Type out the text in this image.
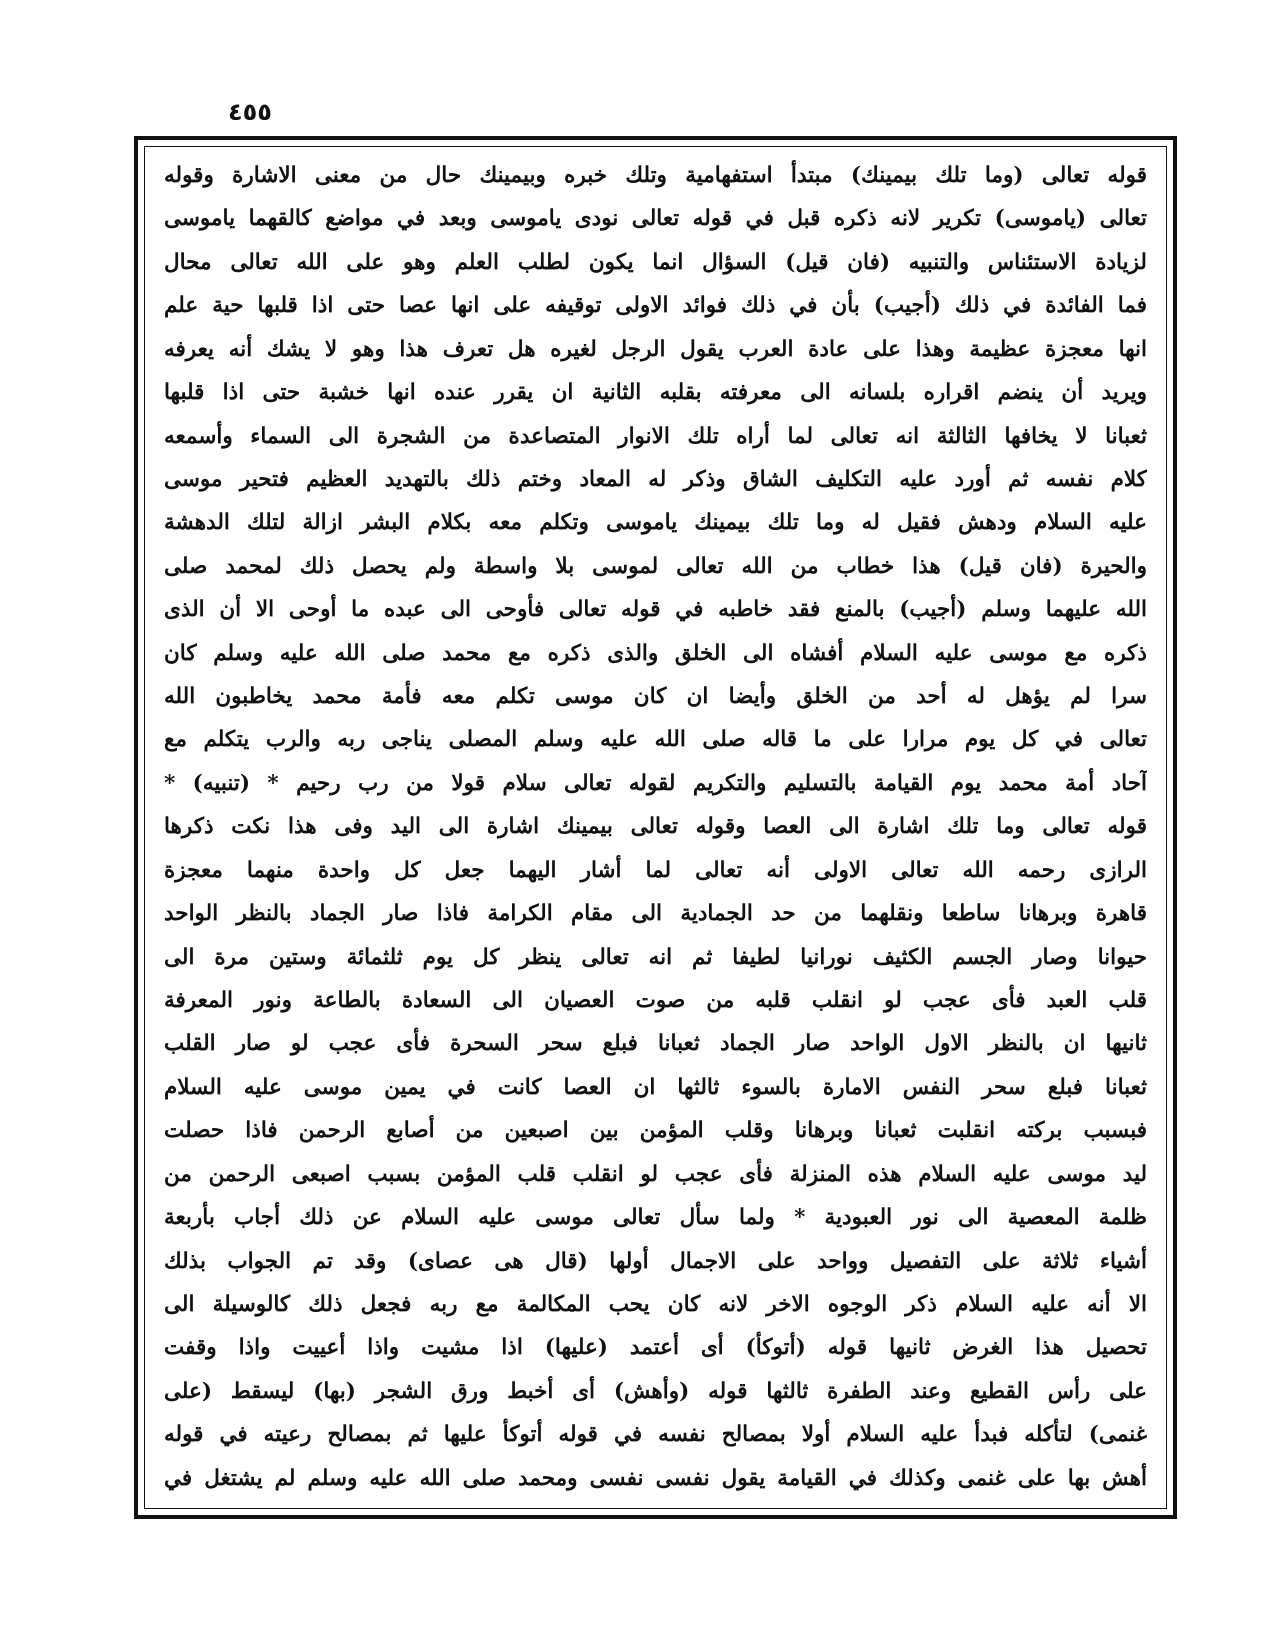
٤٥٥
قوله تعالى (وما تلك بيمينك) مبتدأ استفهامية وتلك خبره وبيمينك حال من معنى الاشارة وقوله
تعالى (ياموسى) تكرير لانه ذكره قبل في قوله تعالى نودى ياموسى وبعد في مواضع كالقهما ياموسى
لزيادة الاستئناس والتنبيه (فان قيل) السؤال انما يكون لطلب العلم وهو على الله تعالى محال
فما الفائدة في ذلك (أجيب) بأن في ذلك فوائد الاولى توقيفه على انها عصا حتى اذا قلبها حية علم
انها معجزة عظيمة وهذا على عادة العرب يقول الرجل لغيره هل تعرف هذا وهو لا يشك أنه يعرفه
ويريد أن ينضم اقراره بلسانه الى معرفته بقلبه الثانية ان يقرر عنده انها خشبة حتى اذا قلبها
ثعبانا لا يخافها الثالثة انه تعالى لما أراه تلك الانوار المتصاعدة من الشجرة الى السماء وأسمعه
كلام نفسه ثم أورد عليه التكليف الشاق وذكر له المعاد وختم ذلك بالتهديد العظيم فتحير موسى
عليه السلام ودهش فقيل له وما تلك بيمينك ياموسى وتكلم معه بكلام البشر ازالة لتلك الدهشة
والحيرة (فان قيل) هذا خطاب من الله تعالى لموسى بلا واسطة ولم يحصل ذلك لمحمد صلى
الله عليهما وسلم (أجيب) بالمنع فقد خاطبه في قوله تعالى فأوحى الى عبده ما أوحى الا أن الذى
ذكره مع موسى عليه السلام أفشاه الى الخلق والذى ذكره مع محمد صلى الله عليه وسلم كان
سرا لم يؤهل له أحد من الخلق وأيضا ان كان موسى تكلم معه فأمة محمد يخاطبون الله
تعالى في كل يوم مرارا على ما قاله صلى الله عليه وسلم المصلى يناجى ربه والرب يتكلم مع
آحاد أمة محمد يوم القيامة بالتسليم والتكريم لقوله تعالى سلام قولا من رب رحيم * (تنبيه) *
قوله تعالى وما تلك اشارة الى العصا وقوله تعالى بيمينك اشارة الى اليد وفى هذا نكت ذكرها
الرازى رحمه الله تعالى الاولى أنه تعالى لما أشار اليهما جعل كل واحدة منهما معجزة
قاهرة وبرهانا ساطعا ونقلهما من حد الجمادية الى مقام الكرامة فاذا صار الجماد بالنظر الواحد
حيوانا وصار الجسم الكثيف نورانيا لطيفا ثم انه تعالى ينظر كل يوم ثلثمائة وستين مرة الى
قلب العبد فأى عجب لو انقلب قلبه من صوت العصيان الى السعادة بالطاعة ونور المعرفة
ثانيها ان بالنظر الاول الواحد صار الجماد ثعبانا فبلع سحر السحرة فأى عجب لو صار القلب
ثعبانا فبلع سحر النفس الامارة بالسوء ثالثها ان العصا كانت في يمين موسى عليه السلام
فبسبب بركته انقلبت ثعبانا وبرهانا وقلب المؤمن بين اصبعين من أصابع الرحمن فاذا حصلت
ليد موسى عليه السلام هذه المنزلة فأى عجب لو انقلب قلب المؤمن بسبب اصبعى الرحمن من
ظلمة المعصية الى نور العبودية * ولما سأل تعالى موسى عليه السلام عن ذلك أجاب بأربعة
أشياء ثلاثة على التفصيل وواحد على الاجمال أولها (قال هى عصاى) وقد تم الجواب بذلك
الا أنه عليه السلام ذكر الوجوه الاخر لانه كان يحب المكالمة مع ربه فجعل ذلك كالوسيلة الى
تحصيل هذا الغرض ثانيها قوله (أتوكأ) أى أعتمد (عليها) اذا مشيت واذا أعييت واذا وقفت
على رأس القطيع وعند الطفرة ثالثها قوله (وأهش) أى أخبط ورق الشجر (بها) ليسقط (على
غنمى) لتأكله فبدأ عليه السلام أولا بمصالح نفسه في قوله أتوكأ عليها ثم بمصالح رعيته في قوله
أهش بها على غنمى وكذلك في القيامة يقول نفسى نفسى ومحمد صلى الله عليه وسلم لم يشتغل في
